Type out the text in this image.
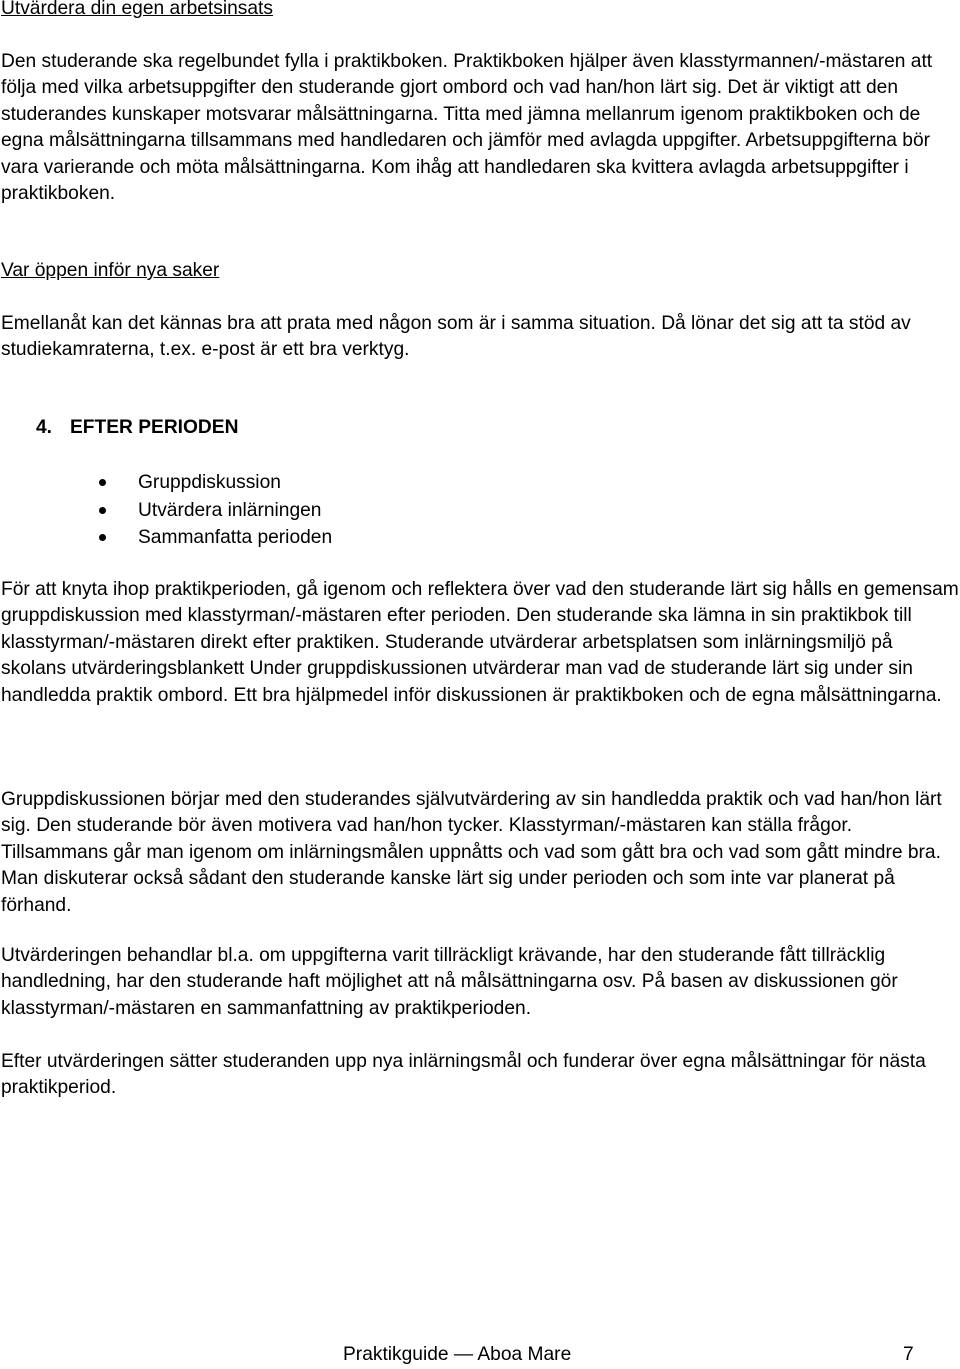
Utvärdera din egen arbetsinsats

Den studerande ska regelbundet fylla i praktikboken. Praktikboken hjälper även klasstyrmannen/-mästaren att följa med vilka arbetsuppgifter den studerande gjort ombord och vad han/hon lärt sig. Det är viktigt att den studerandes kunskaper motsvarar målsättningarna. Titta med jämna mellanrum igenom praktikboken och de egna målsättningarna tillsammans med handledaren och jämför med avlagda uppgifter. Arbetsuppgifterna bör vara varierande och möta målsättningarna. Kom ihåg att handledaren ska kvittera avlagda arbetsuppgifter i praktikboken.

Var öppen inför nya saker

Emellanåt kan det kännas bra att prata med någon som är i samma situation. Då lönar det sig att ta stöd av studiekamraterna, t.ex. e-post är ett bra verktyg.

4. EFTER PERIODEN
Gruppdiskussion
Utvärdera inlärningen
Sammanfatta perioden

För att knyta ihop praktikperioden, gå igenom och reflektera över vad den studerande lärt sig hålls en gemensam gruppdiskussion med klasstyrman/-mästaren efter perioden. Den studerande ska lämna in sin praktikbok till klasstyrman/-mästaren direkt efter praktiken. Studerande utvärderar arbetsplatsen som inlärningsmiljö på skolans utvärderingsblankett Under gruppdiskussionen utvärderar man vad de studerande lärt sig under sin handledda praktik ombord. Ett bra hjälpmedel inför diskussionen är praktikboken och de egna målsättningarna.

Gruppdiskussionen börjar med den studerandes självutvärdering av sin handledda praktik och vad han/hon lärt sig. Den studerande bör även motivera vad han/hon tycker. Klasstyrman/-mästaren kan ställa frågor. Tillsammans går man igenom om inlärningsmålen uppnåtts och vad som gått bra och vad som gått mindre bra. Man diskuterar också sådant den studerande kanske lärt sig under perioden och som inte var planerat på förhand.

Utvärderingen behandlar bl.a. om uppgifterna varit tillräckligt krävande, har den studerande fått tillräcklig handledning, har den studerande haft möjlighet att nå målsättningarna osv. På basen av diskussionen gör klasstyrman/-mästaren en sammanfattning av praktikperioden.

Efter utvärderingen sätter studeranden upp nya inlärningsmål och funderar över egna målsättningar för nästa praktikperiod.

Praktikguide — Aboa Mare	7
